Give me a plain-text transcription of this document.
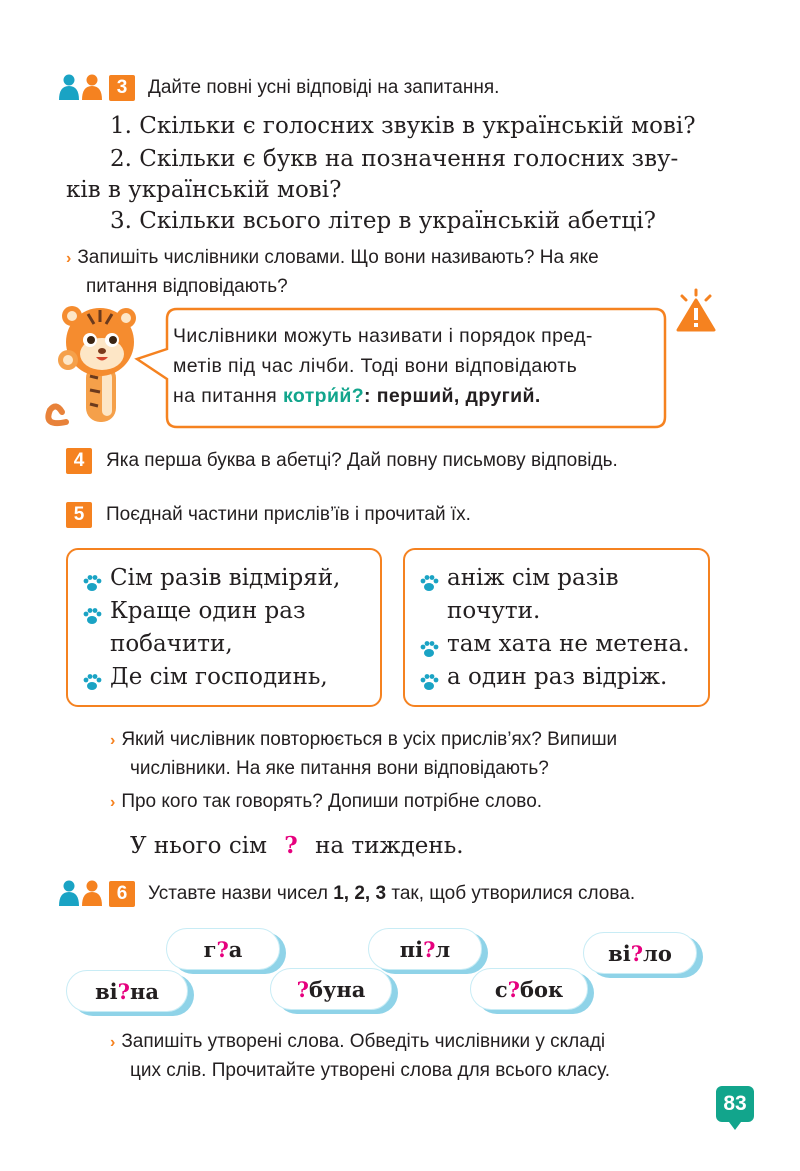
3	Дайте повні усні відповіді на запитання.
1. Скільки є голосних звуків в українській мові?
2. Скільки є букв на позначення голосних зву-
ків в українській мові?
3. Скільки всього літер в українській абетці?
› Запишіть числівники словами. Що вони називають? На яке
питання відповідають?
Числівники можуть називати і порядок пред-
метів під час лічби. Тоді вони відповідають
на питання котри́й?: перший, другий.
4	Яка перша буква в абетці? Дай повну письмову відповідь.
5	Поєднай частини прислів’їв і прочитай їх.
Сім разів відміряй,
Краще один раз
побачити,
Де сім господинь,
аніж сім разів
почути.
там хата не метена.
а один раз відріж.
› Який числівник повторюється в усіх прислів’ях? Випиши
числівники. На яке питання вони відповідають?
› Про кого так говорять? Допиши потрібне слово.
У нього сім ? на тиждень.
6	Уставте назви чисел 1, 2, 3 так, щоб утворилися слова.
г ? а	пі ? л	ві ? ло
ві ? на	? буна	с ? бок
› Запишіть утворені слова. Обведіть числівники у складі
цих слів. Прочитайте утворені слова для всього класу.
83
